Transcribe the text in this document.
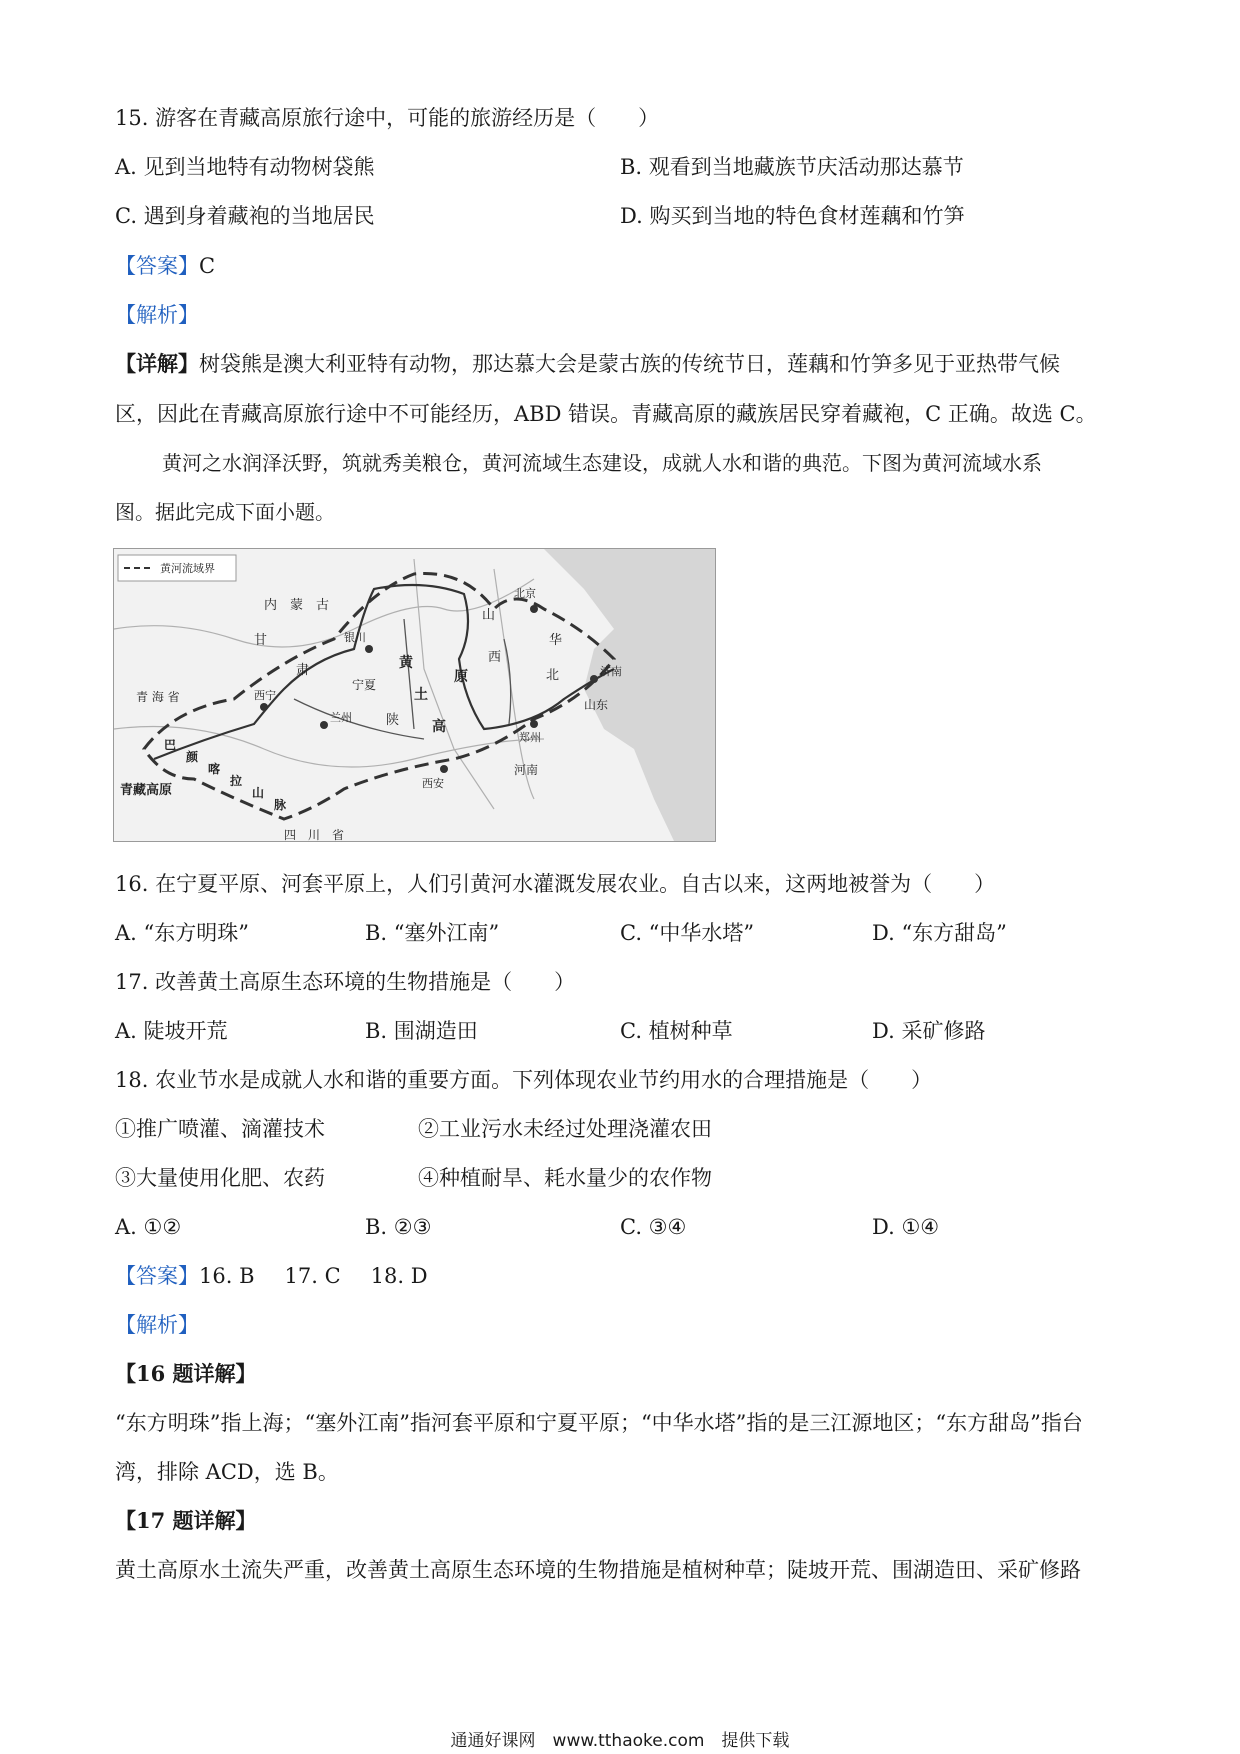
15. 游客在青藏高原旅行途中，可能的旅游经历是（　　）
A. 见到当地特有动物树袋熊	B. 观看到当地藏族节庆活动那达慕节
C. 遇到身着藏袍的当地居民	D. 购买到当地的特色食材莲藕和竹笋
【答案】C
【解析】
【详解】树袋熊是澳大利亚特有动物，那达慕大会是蒙古族的传统节日，莲藕和竹笋多见于亚热带气候
区，因此在青藏高原旅行途中不可能经历，ABD 错误。青藏高原的藏族居民穿着藏袍，C 正确。故选 C。
黄河之水润泽沃野，筑就秀美粮仓，黄河流域生态建设，成就人水和谐的典范。下图为黄河流域水系
图。据此完成下面小题。
黄河流域界
内　蒙　古
甘
肃
青 海 省
青藏高原
西宁
兰州
银川
宁夏
黄
土
高
原
山
西
陕
西安
郑州
济南
北京
华
北
山东
河南
四　川　省
巴
颜
喀
拉
山
脉
16. 在宁夏平原、河套平原上，人们引黄河水灌溉发展农业。自古以来，这两地被誉为（　　）
A. “东方明珠”	B. “塞外江南”	C. “中华水塔”	D. “东方甜岛”
17. 改善黄土高原生态环境的生物措施是（　　）
A. 陡坡开荒	B. 围湖造田	C. 植树种草	D. 采矿修路
18. 农业节水是成就人水和谐的重要方面。下列体现农业节约用水的合理措施是（　　）
①推广喷灌、滴灌技术	②工业污水未经过处理浇灌农田
③大量使用化肥、农药	④种植耐旱、耗水量少的农作物
A. ①②	B. ②③	C. ③④	D. ①④
【答案】16. B 17. C 18. D
【解析】
【16 题详解】
“东方明珠”指上海；“塞外江南”指河套平原和宁夏平原；“中华水塔”指的是三江源地区；“东方甜岛”指台
湾，排除 ACD，选 B。
【17 题详解】
黄土高原水土流失严重，改善黄土高原生态环境的生物措施是植树种草；陡坡开荒、围湖造田、采矿修路
通通好课网　www.tthaoke.com　提供下载
